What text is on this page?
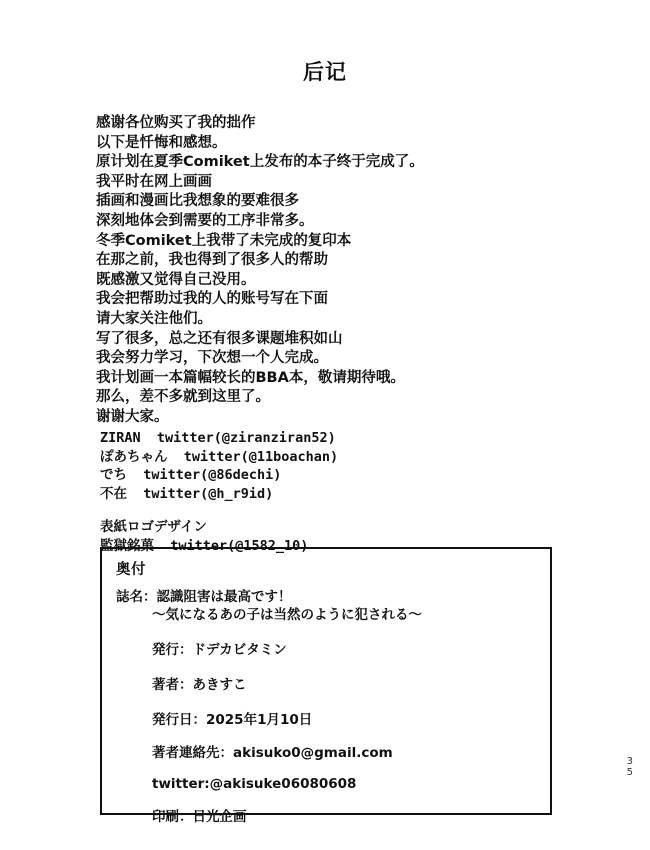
后记

感谢各位购买了我的拙作

以下是忏悔和感想。

原计划在夏季Comiket上发布的本子终于完成了。

我平时在网上画画

插画和漫画比我想象的要难很多

深刻地体会到需要的工序非常多。

冬季Comiket上我带了未完成的复印本

在那之前，我也得到了很多人的帮助

既感激又觉得自己没用。

我会把帮助过我的人的账号写在下面

请大家关注他们。

写了很多，总之还有很多课题堆积如山

我会努力学习，下次想一个人完成。

我计划画一本篇幅较长的BBA本，敬请期待哦。

那么，差不多就到这里了。

谢谢大家。

ZIRAN  twitter(@ziranziran52)
ぽあちゃん  twitter(@11boachan)
でち  twitter(@86dechi)
不在  twitter(@h_r9id)
表紙ロゴデザイン
監獄銘菓  twitter(@1582_10)
奥付
誌名：認識阻害は最高です！
〜気になるあの子は当然のように犯される〜
発行：ドデカビタミン
著者：あきすこ
発行日：2025年1月10日
著者連絡先：akisuko0@gmail.com
twitter:@akisuke06080608
印刷：日光企画
3
5
